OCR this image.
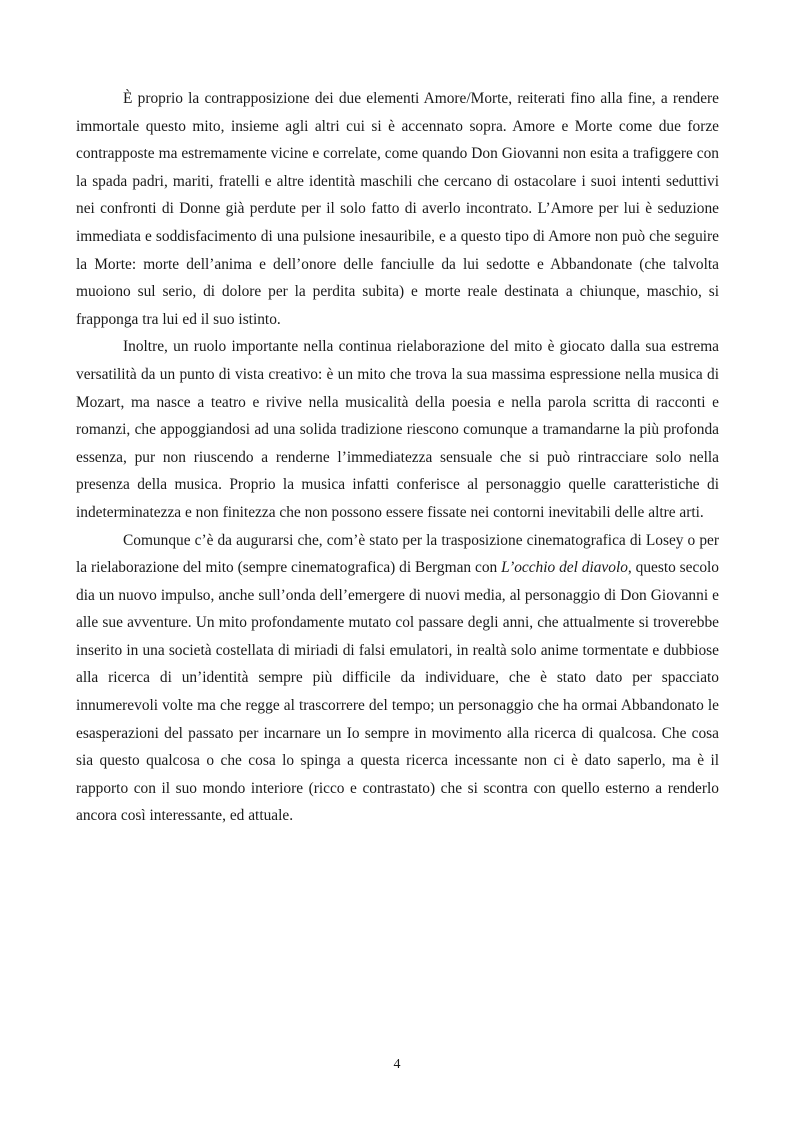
È proprio la contrapposizione dei due elementi Amore/Morte, reiterati fino alla fine, a rendere immortale questo mito, insieme agli altri cui si è accennato sopra. Amore e Morte come due forze contrapposte ma estremamente vicine e correlate, come quando Don Giovanni non esita a trafiggere con la spada padri, mariti, fratelli e altre identità maschili che cercano di ostacolare i suoi intenti seduttivi nei confronti di Donne già perdute per il solo fatto di averlo incontrato. L’Amore per lui è seduzione immediata e soddisfacimento di una pulsione inesauribile, e a questo tipo di Amore non può che seguire la Morte: morte dell’anima e dell’onore delle fanciulle da lui sedotte e Abbandonate (che talvolta muoiono sul serio, di dolore per la perdita subita) e morte reale destinata a chiunque, maschio, si frapponga tra lui ed il suo istinto.

Inoltre, un ruolo importante nella continua rielaborazione del mito è giocato dalla sua estrema versatilità da un punto di vista creativo: è un mito che trova la sua massima espressione nella musica di Mozart, ma nasce a teatro e rivive nella musicalità della poesia e nella parola scritta di racconti e romanzi, che appoggiandosi ad una solida tradizione riescono comunque a tramandarne la più profonda essenza, pur non riuscendo a renderne l’immediatezza sensuale che si può rintracciare solo nella presenza della musica. Proprio la musica infatti conferisce al personaggio quelle caratteristiche di indeterminatezza e non finitezza che non possono essere fissate nei contorni inevitabili delle altre arti.

Comunque c’è da augurarsi che, com’è stato per la trasposizione cinematografica di Losey o per la rielaborazione del mito (sempre cinematografica) di Bergman con L’occhio del diavolo, questo secolo dia un nuovo impulso, anche sull’onda dell’emergere di nuovi media, al personaggio di Don Giovanni e alle sue avventure. Un mito profondamente mutato col passare degli anni, che attualmente si troverebbe inserito in una società costellata di miriadi di falsi emulatori, in realtà solo anime tormentate e dubbiose alla ricerca di un’identità sempre più difficile da individuare, che è stato dato per spacciato innumerevoli volte ma che regge al trascorrere del tempo; un personaggio che ha ormai Abbandonato le esasperazioni del passato per incarnare un Io sempre in movimento alla ricerca di qualcosa. Che cosa sia questo qualcosa o che cosa lo spinga a questa ricerca incessante non ci è dato saperlo, ma è il rapporto con il suo mondo interiore (ricco e contrastato) che si scontra con quello esterno a renderlo ancora così interessante, ed attuale.

4
